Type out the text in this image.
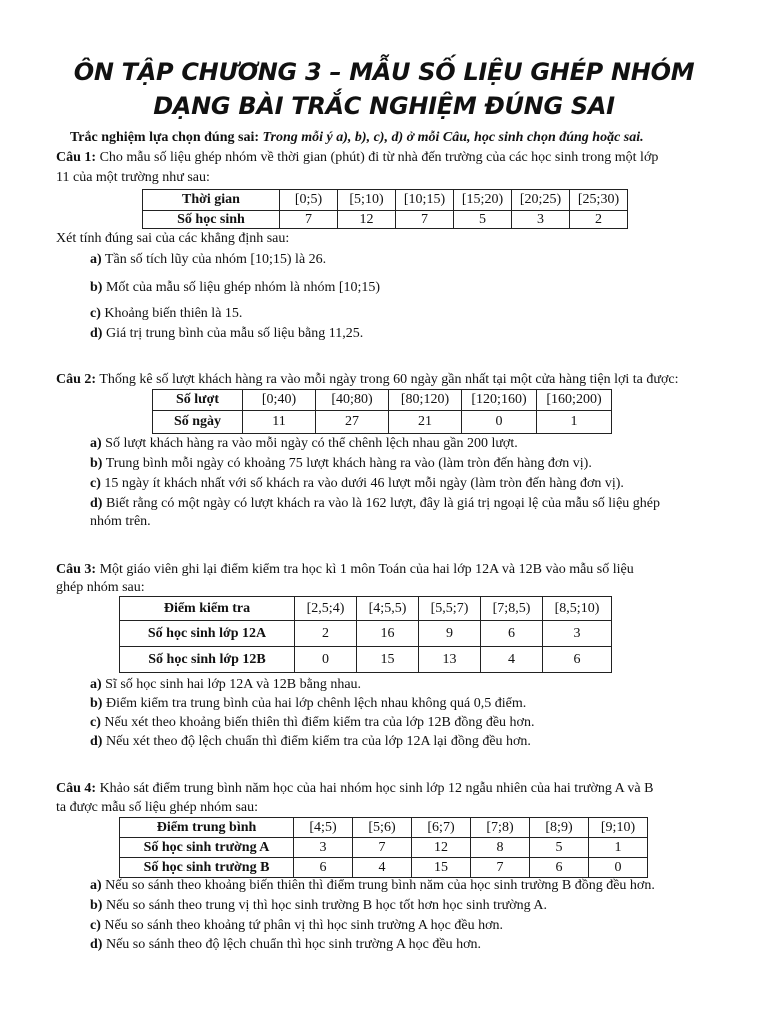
ÔN TẬP CHƯƠNG 3 – MẪU SỐ LIỆU GHÉP NHÓM
DẠNG BÀI TRẮC NGHIỆM ĐÚNG SAI
Trắc nghiệm lựa chọn đúng sai: Trong mỗi ý a), b), c), d) ở mỗi Câu, học sinh chọn đúng hoặc sai.
Câu 1: Cho mẫu số liệu ghép nhóm về thời gian (phút) đi từ nhà đến trường của các học sinh trong một lớp
11 của một trường như sau:
Thời gian	[0;5)	[5;10)	[10;15)	[15;20)	[20;25)	[25;30)
Số học sinh	7	12	7	5	3	2
Xét tính đúng sai của các khẳng định sau:
a) Tần số tích lũy của nhóm [10;15) là 26.
b) Mốt của mẫu số liệu ghép nhóm là nhóm [10;15)
c) Khoảng biến thiên là 15.
d) Giá trị trung bình của mẫu số liệu bằng 11,25.
Câu 2: Thống kê số lượt khách hàng ra vào mỗi ngày trong 60 ngày gần nhất tại một cửa hàng tiện lợi ta được:
Số lượt	[0;40)	[40;80)	[80;120)	[120;160)	[160;200)
Số ngày	11	27	21	0	1
a) Số lượt khách hàng ra vào mỗi ngày có thể chênh lệch nhau gần 200 lượt.
b) Trung bình mỗi ngày có khoảng 75 lượt khách hàng ra vào (làm tròn đến hàng đơn vị).
c) 15 ngày ít khách nhất với số khách ra vào dưới 46 lượt mỗi ngày (làm tròn đến hàng đơn vị).
d) Biết rằng có một ngày có lượt khách ra vào là 162 lượt, đây là giá trị ngoại lệ của mẫu số liệu ghép
nhóm trên.
Câu 3: Một giáo viên ghi lại điểm kiểm tra học kì 1 môn Toán của hai lớp 12A và 12B vào mẫu số liệu
ghép nhóm sau:
Điểm kiểm tra	[2,5;4)	[4;5,5)	[5,5;7)	[7;8,5)	[8,5;10)
Số học sinh lớp 12A	2	16	9	6	3
Số học sinh lớp 12B	0	15	13	4	6
a) Sĩ số học sinh hai lớp 12A và 12B bằng nhau.
b) Điểm kiểm tra trung bình của hai lớp chênh lệch nhau không quá 0,5 điểm.
c) Nếu xét theo khoảng biến thiên thì điểm kiểm tra của lớp 12B đồng đều hơn.
d) Nếu xét theo độ lệch chuẩn thì điểm kiểm tra của lớp 12A lại đồng đều hơn.
Câu 4: Khảo sát điểm trung bình năm học của hai nhóm học sinh lớp 12 ngẫu nhiên của hai trường A và B
ta được mẫu số liệu ghép nhóm sau:
Điểm trung bình	[4;5)	[5;6)	[6;7)	[7;8)	[8;9)	[9;10)
Số học sinh trường A	3	7	12	8	5	1
Số học sinh trường B	6	4	15	7	6	0
a) Nếu so sánh theo khoảng biến thiên thì điểm trung bình năm của học sinh trường B đồng đều hơn.
b) Nếu so sánh theo trung vị thì học sinh trường B học tốt hơn học sinh trường A.
c) Nếu so sánh theo khoảng tứ phân vị thì học sinh trường A học đều hơn.
d) Nếu so sánh theo độ lệch chuẩn thì học sinh trường A học đều hơn.
